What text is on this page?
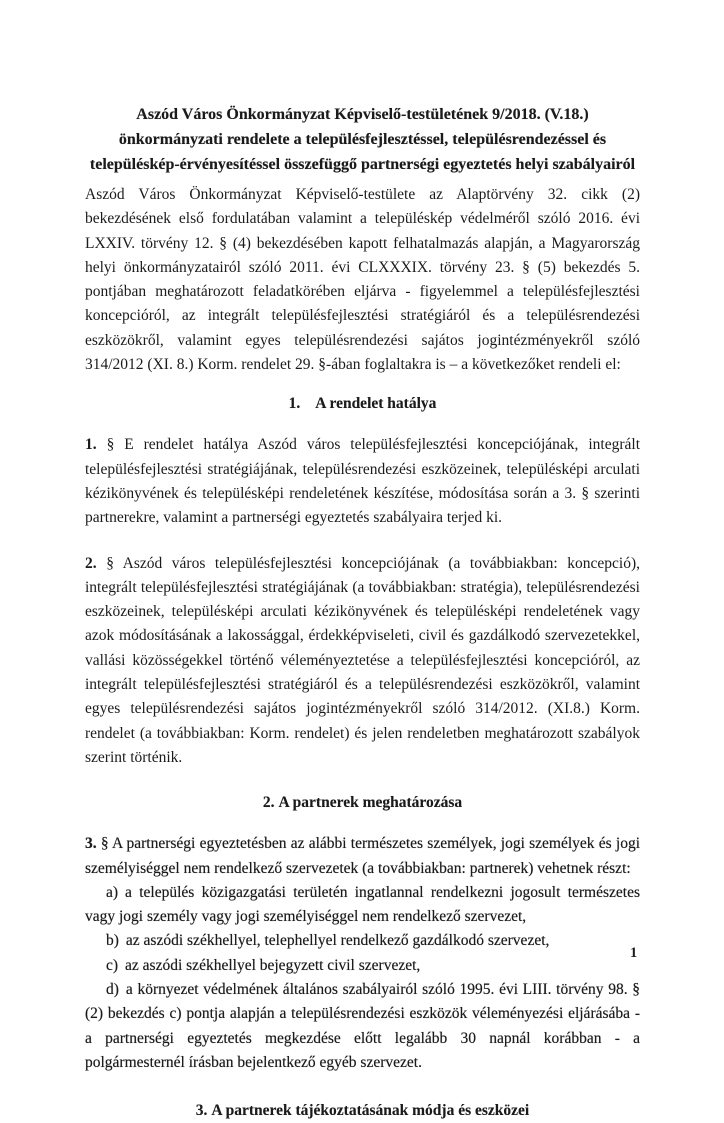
Aszód Város Önkormányzat Képviselő-testületének 9/2018. (V.18.) önkormányzati rendelete a településfejlesztéssel, településrendezéssel és településkép-érvényesítéssel összefüggő partnerségi egyeztetés helyi szabályairól

Aszód Város Önkormányzat Képviselő-testülete az Alaptörvény 32. cikk (2) bekezdésének első fordulatában valamint a településkép védelméről szóló 2016. évi LXXIV. törvény 12. § (4) bekezdésében kapott felhatalmazás alapján, a Magyarország helyi önkormányzatairól szóló 2011. évi CLXXXIX. törvény 23. § (5) bekezdés 5. pontjában meghatározott feladatkörében eljárva - figyelemmel a településfejlesztési koncepcióról, az integrált településfejlesztési stratégiáról és a településrendezési eszközökről, valamint egyes településrendezési sajátos jogintézményekről szóló 314/2012 (XI. 8.) Korm. rendelet 29. §-ában foglaltakra is – a következőket rendeli el:

1. A rendelet hatálya

1. § E rendelet hatálya Aszód város településfejlesztési koncepciójának, integrált településfejlesztési stratégiájának, településrendezési eszközeinek, településképi arculati kézikönyvének és településképi rendeletének készítése, módosítása során a 3. § szerinti partnerekre, valamint a partnerségi egyeztetés szabályaira terjed ki.

2. § Aszód város településfejlesztési koncepciójának (a továbbiakban: koncepció), integrált településfejlesztési stratégiájának (a továbbiakban: stratégia), településrendezési eszközeinek, településképi arculati kézikönyvének és településképi rendeletének vagy azok módosításának a lakossággal, érdekképviseleti, civil és gazdálkodó szervezetekkel, vallási közösségekkel történő véleményeztetése a településfejlesztési koncepcióról, az integrált településfejlesztési stratégiáról és a településrendezési eszközökről, valamint egyes településrendezési sajátos jogintézményekről szóló 314/2012. (XI.8.) Korm. rendelet (a továbbiakban: Korm. rendelet) és jelen rendeletben meghatározott szabályok szerint történik.

2. A partnerek meghatározása

3. § A partnerségi egyeztetésben az alábbi természetes személyek, jogi személyek és jogi személyiséggel nem rendelkező szervezetek (a továbbiakban: partnerek) vehetnek részt:

a) a település közigazgatási területén ingatlannal rendelkezni jogosult természetes vagy jogi személy vagy jogi személyiséggel nem rendelkező szervezet,

b) az aszódi székhellyel, telephellyel rendelkező gazdálkodó szervezet,

c) az aszódi székhellyel bejegyzett civil szervezet,

d) a környezet védelmének általános szabályairól szóló 1995. évi LIII. törvény 98. § (2) bekezdés c) pontja alapján a településrendezési eszközök véleményezési eljárásába - a partnerségi egyeztetés megkezdése előtt legalább 30 napnál korábban - a polgármesternél írásban bejelentkező egyéb szervezet.

3. A partnerek tájékoztatásának módja és eszközei
1
